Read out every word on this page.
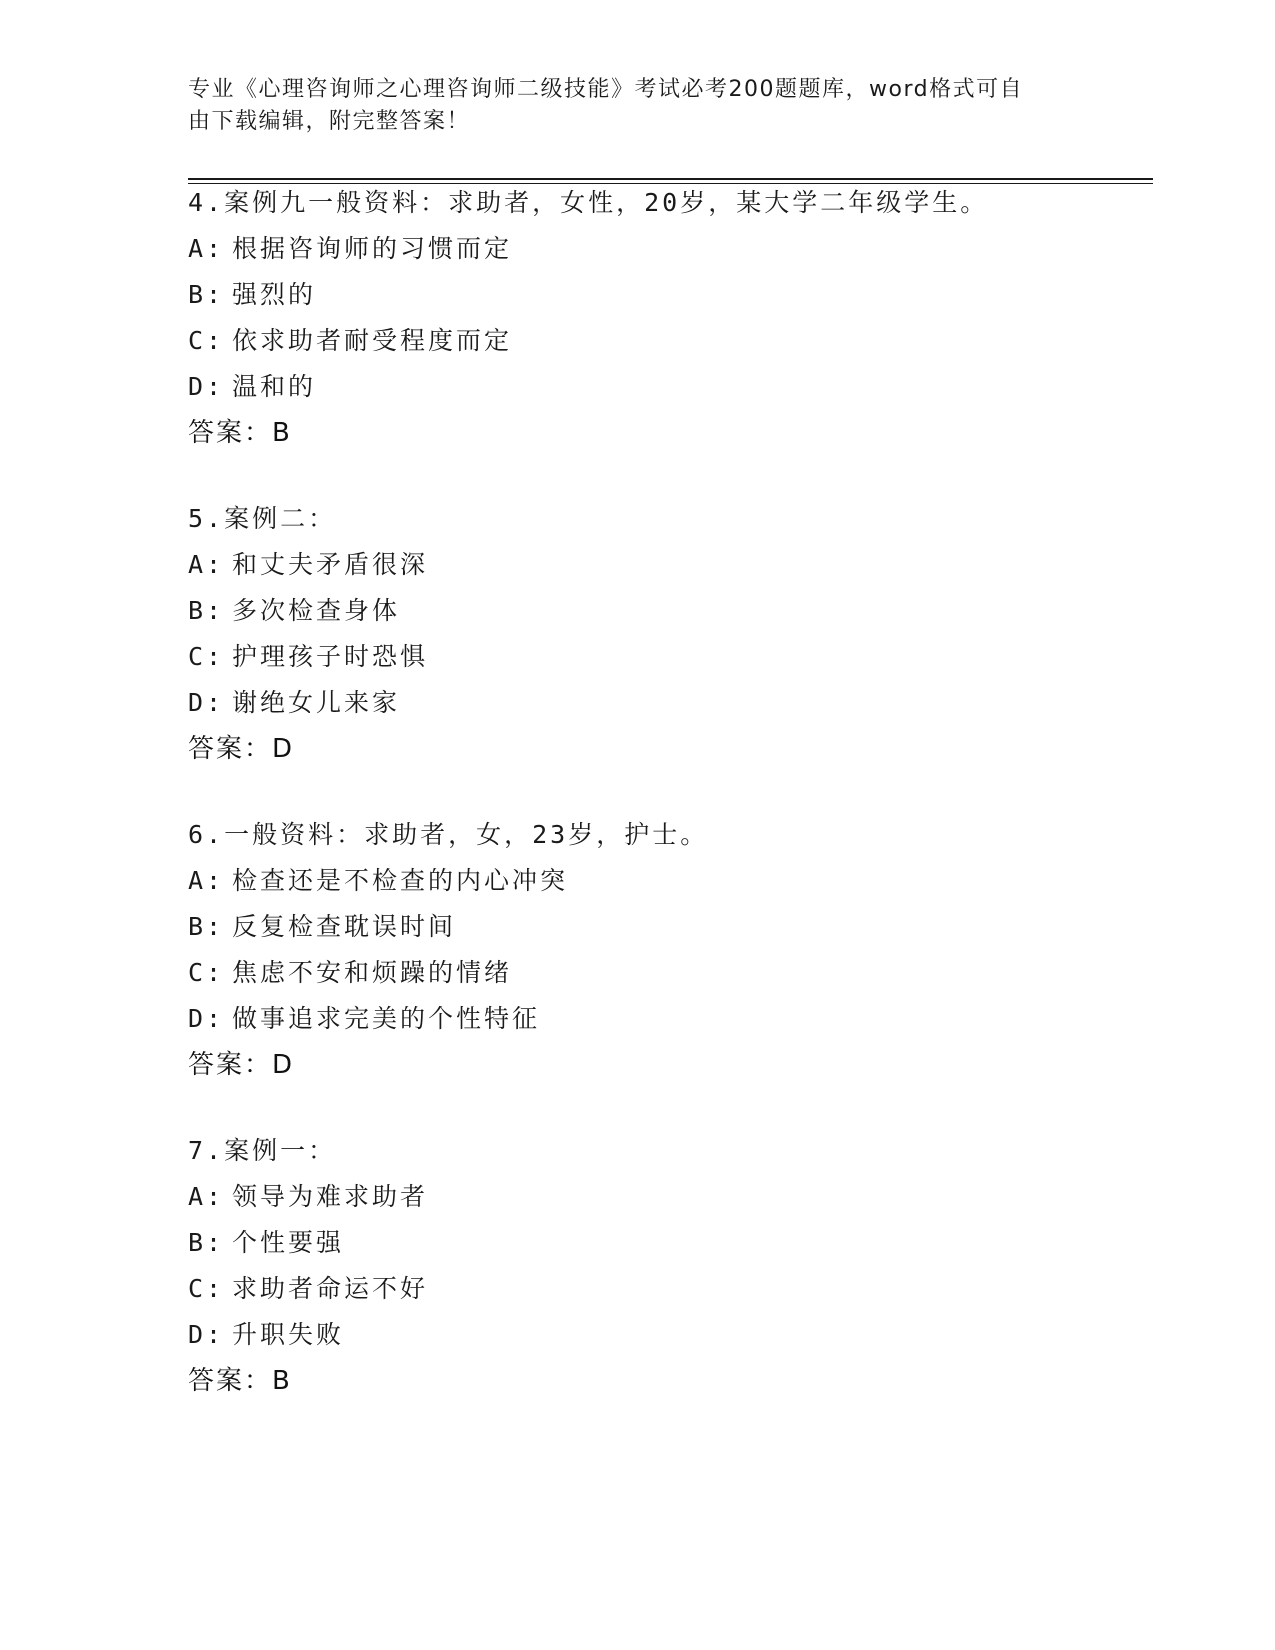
专业《心理咨询师之心理咨询师二级技能》考试必考200题题库，word格式可自
由下载编辑，附完整答案！
4.案例九一般资料：求助者，女性，20岁，某大学二年级学生。
A: 根据咨询师的习惯而定
B: 强烈的
C: 依求助者耐受程度而定
D: 温和的
答案：B
5.案例二：
A: 和丈夫矛盾很深
B: 多次检查身体
C: 护理孩子时恐惧
D: 谢绝女儿来家
答案：D
6.一般资料：求助者，女，23岁，护士。
A: 检查还是不检查的内心冲突
B: 反复检查耽误时间
C: 焦虑不安和烦躁的情绪
D: 做事追求完美的个性特征
答案：D
7.案例一：
A: 领导为难求助者
B: 个性要强
C: 求助者命运不好
D: 升职失败
答案：B
